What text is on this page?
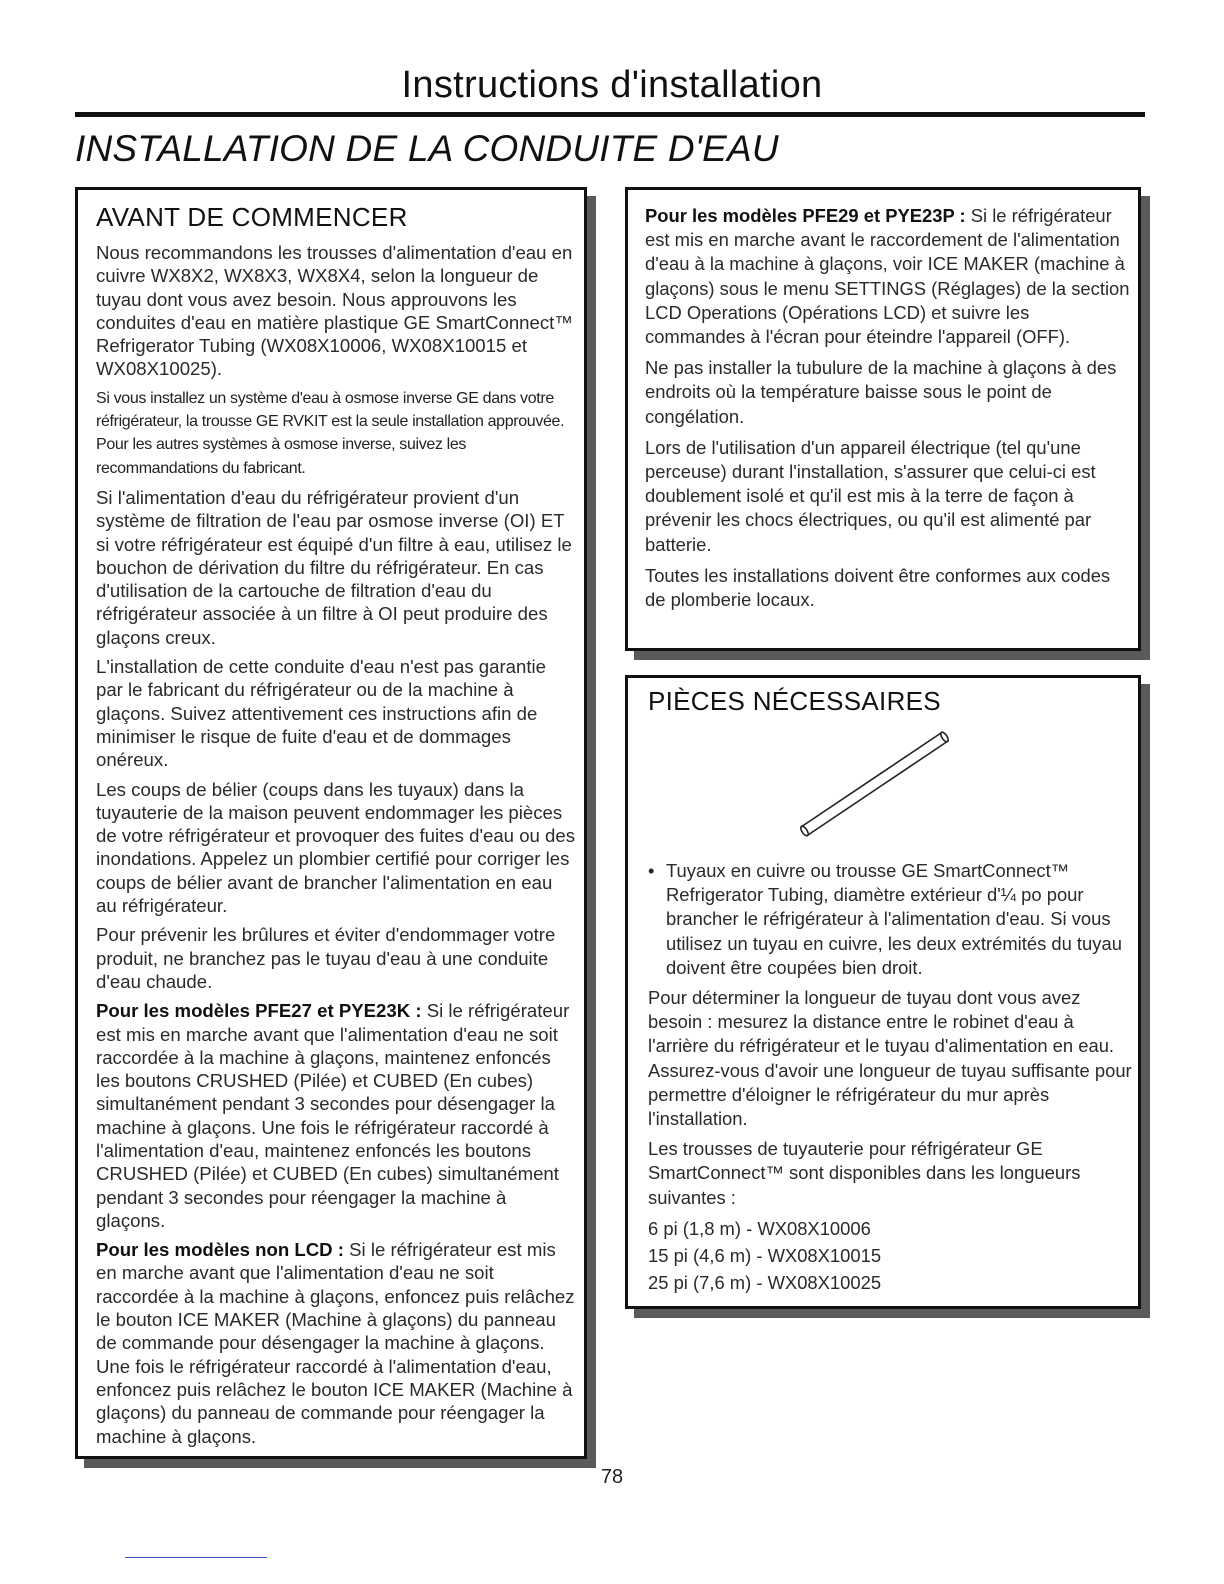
Instructions d'installation
INSTALLATION DE LA CONDUITE D'EAU
AVANT DE COMMENCER

Nous recommandons les trousses d'alimentation d'eau en cuivre WX8X2, WX8X3, WX8X4, selon la longueur de tuyau dont vous avez besoin. Nous approuvons les conduites d'eau en matière plastique GE SmartConnect™ Refrigerator Tubing (WX08X10006, WX08X10015 et WX08X10025).

Si vous installez un système d'eau à osmose inverse GE dans votre réfrigérateur, la trousse GE RVKIT est la seule installation approuvée. Pour les autres systèmes à osmose inverse, suivez les recommandations du fabricant.

Si l'alimentation d'eau du réfrigérateur provient d'un système de filtration de l'eau par osmose inverse (OI) ET si votre réfrigérateur est équipé d'un filtre à eau, utilisez le bouchon de dérivation du filtre du réfrigérateur. En cas d'utilisation de la cartouche de filtration d'eau du réfrigérateur associée à un filtre à OI peut produire des glaçons creux.

L'installation de cette conduite d'eau n'est pas garantie par le fabricant du réfrigérateur ou de la machine à glaçons. Suivez attentivement ces instructions afin de minimiser le risque de fuite d'eau et de dommages onéreux.

Les coups de bélier (coups dans les tuyaux) dans la tuyauterie de la maison peuvent endommager les pièces de votre réfrigérateur et provoquer des fuites d'eau ou des inondations. Appelez un plombier certifié pour corriger les coups de bélier avant de brancher l'alimentation en eau au réfrigérateur.

Pour prévenir les brûlures et éviter d'endommager votre produit, ne branchez pas le tuyau d'eau à une conduite d'eau chaude.

Pour les modèles PFE27 et PYE23K : Si le réfrigérateur est mis en marche avant que l'alimentation d'eau ne soit raccordée à la machine à glaçons, maintenez enfoncés les boutons CRUSHED (Pilée) et CUBED (En cubes) simultanément pendant 3 secondes pour désengager la machine à glaçons. Une fois le réfrigérateur raccordé à l'alimentation d'eau, maintenez enfoncés les boutons CRUSHED (Pilée) et CUBED (En cubes) simultanément pendant 3 secondes pour réengager la machine à glaçons.

Pour les modèles non LCD : Si le réfrigérateur est mis en marche avant que l'alimentation d'eau ne soit raccordée à la machine à glaçons, enfoncez puis relâchez le bouton ICE MAKER (Machine à glaçons) du panneau de commande pour désengager la machine à glaçons. Une fois le réfrigérateur raccordé à l'alimentation d'eau, enfoncez puis relâchez le bouton ICE MAKER (Machine à glaçons) du panneau de commande pour réengager la machine à glaçons.

Pour les modèles PFE29 et PYE23P : Si le réfrigérateur est mis en marche avant le raccordement de l'alimentation d'eau à la machine à glaçons, voir ICE MAKER (machine à glaçons) sous le menu SETTINGS (Réglages) de la section LCD Operations (Opérations LCD) et suivre les commandes à l'écran pour éteindre l'appareil (OFF).

Ne pas installer la tubulure de la machine à glaçons à des endroits où la température baisse sous le point de congélation.

Lors de l'utilisation d'un appareil électrique (tel qu'une perceuse) durant l'installation, s'assurer que celui-ci est doublement isolé et qu'il est mis à la terre de façon à prévenir les chocs électriques, ou qu'il est alimenté par batterie.

Toutes les installations doivent être conformes aux codes de plomberie locaux.

PIÈCES NÉCESSAIRES
• Tuyaux en cuivre ou trousse GE SmartConnect™ Refrigerator Tubing, diamètre extérieur d'¼ po pour brancher le réfrigérateur à l'alimentation d'eau. Si vous utilisez un tuyau en cuivre, les deux extrémités du tuyau doivent être coupées bien droit.

Pour déterminer la longueur de tuyau dont vous avez besoin : mesurez la distance entre le robinet d'eau à l'arrière du réfrigérateur et le tuyau d'alimentation en eau. Assurez-vous d'avoir une longueur de tuyau suffisante pour permettre d'éloigner le réfrigérateur du mur après l'installation.

Les trousses de tuyauterie pour réfrigérateur GE SmartConnect™ sont disponibles dans les longueurs suivantes :

6 pi (1,8 m) - WX08X10006

15 pi (4,6 m) - WX08X10015

25 pi (7,6 m) - WX08X10025

78
